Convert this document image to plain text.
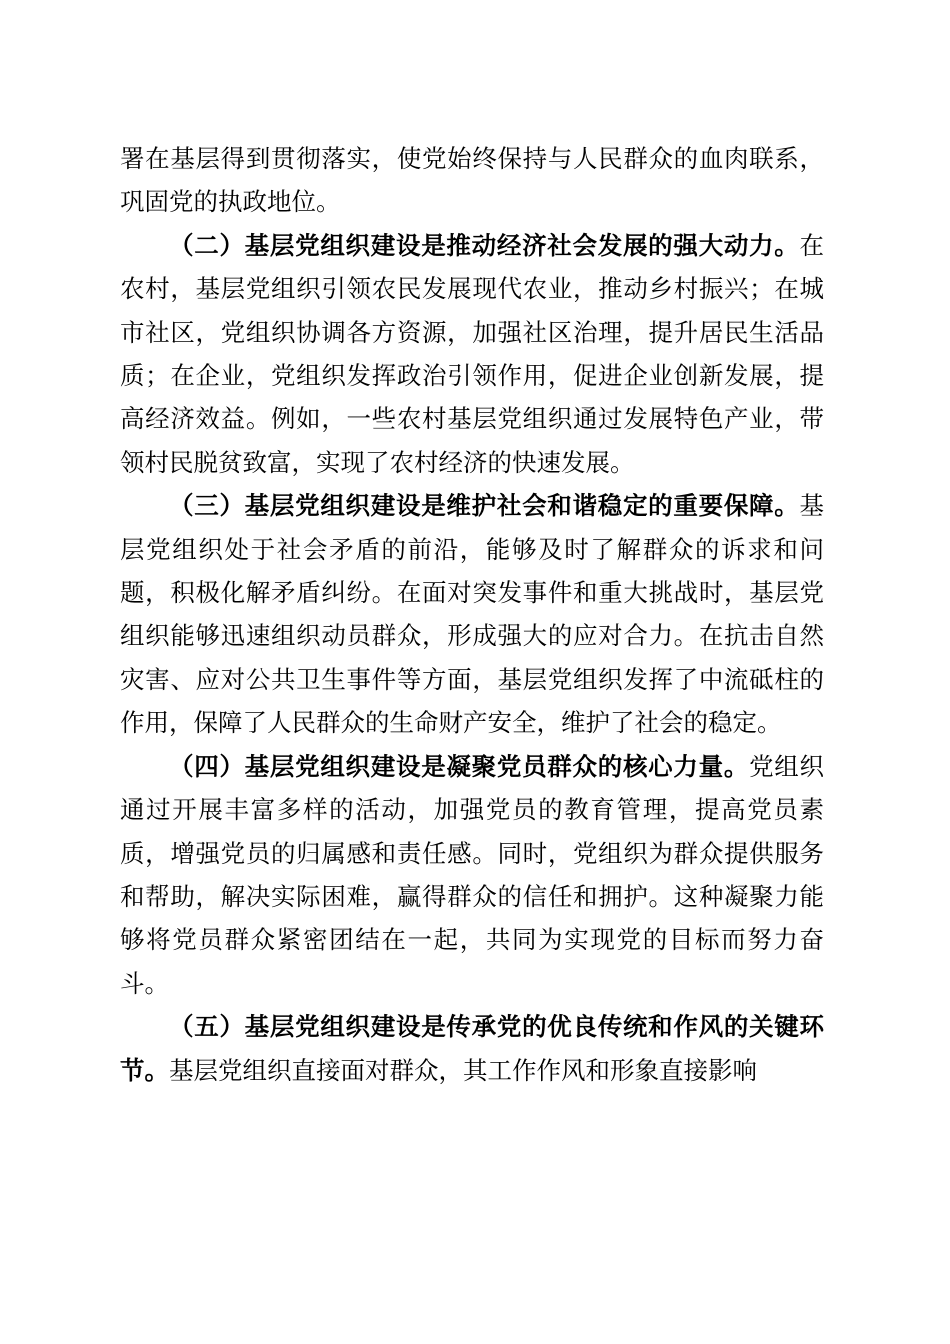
署在基层得到贯彻落实，使党始终保持与人民群众的血肉联系，巩固党的执政地位。

（二）基层党组织建设是推动经济社会发展的强大动力。在农村，基层党组织引领农民发展现代农业，推动乡村振兴；在城市社区，党组织协调各方资源，加强社区治理，提升居民生活品质；在企业，党组织发挥政治引领作用，促进企业创新发展，提高经济效益。例如，一些农村基层党组织通过发展特色产业，带领村民脱贫致富，实现了农村经济的快速发展。

（三）基层党组织建设是维护社会和谐稳定的重要保障。基层党组织处于社会矛盾的前沿，能够及时了解群众的诉求和问题，积极化解矛盾纠纷。在面对突发事件和重大挑战时，基层党组织能够迅速组织动员群众，形成强大的应对合力。在抗击自然灾害、应对公共卫生事件等方面，基层党组织发挥了中流砥柱的作用，保障了人民群众的生命财产安全，维护了社会的稳定。

（四）基层党组织建设是凝聚党员群众的核心力量。党组织通过开展丰富多样的活动，加强党员的教育管理，提高党员素质，增强党员的归属感和责任感。同时，党组织为群众提供服务和帮助，解决实际困难，赢得群众的信任和拥护。这种凝聚力能够将党员群众紧密团结在一起，共同为实现党的目标而努力奋斗。

（五）基层党组织建设是传承党的优良传统和作风的关键环节。基层党组织直接面对群众，其工作作风和形象直接影响
